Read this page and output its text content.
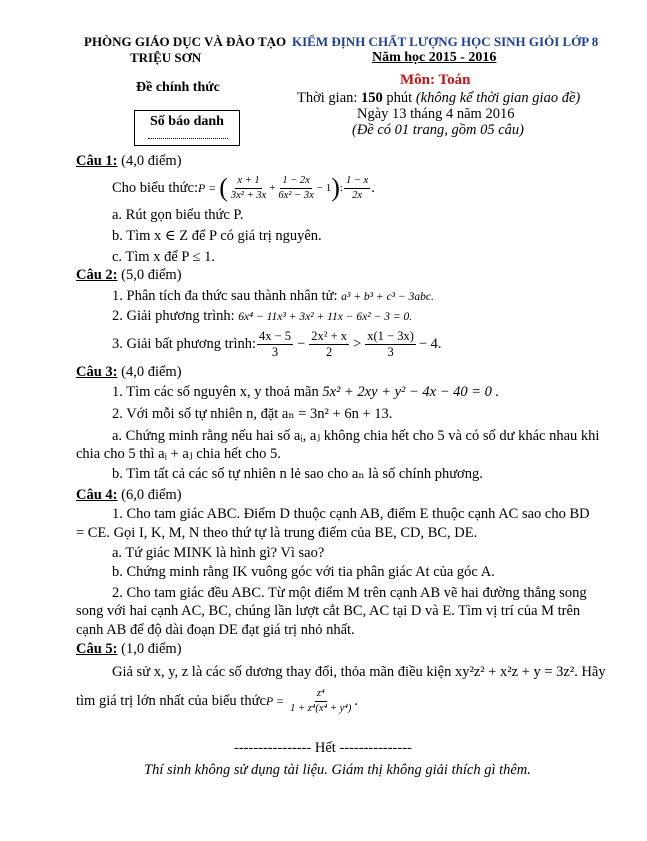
PHÒNG GIÁO DỤC VÀ ĐÀO TẠO
TRIỆU SƠN
Đề chính thức
Số báo danh
KIỂM ĐỊNH CHẤT LƯỢNG HỌC SINH GIỎI LỚP 8
Năm học 2015 - 2016
Môn: Toán
Thời gian: 150 phút (không kể thời gian giao đề)
Ngày 13 tháng 4 năm 2016
(Đề có 01 trang, gồm 05 câu)
Câu 1: (4,0 điểm)
Cho biểu thức: P = ( $\frac{x + 1}{\text{3x² + 3x}} + \frac{1 - 2x}{\text{6x² − 3x}} - 1$ ) : $\frac{1 - x}{2x}$ .
a. Rút gọn biểu thức P.
b. Tìm x ∈ Z để P có giá trị nguyên.
c. Tìm x để P ≤ 1.
Câu 2: (5,0 điểm)
1. Phân tích đa thức sau thành nhân tử: a³ + b³ + c³ − 3abc.
2. Giải phương trình: 6x⁴ − 11x³ + 3x² + 11x − 6x² − 3 = 0.
3. Giải bất phương trình: $\frac{4x - 5}{3} - \frac{\text{2x² + x}}{2} > \frac{x(1 - 3x)}{3} - 4$.
Câu 3: (4,0 điểm)
1. Tìm các số nguyên x, y thoả mãn 5x² + 2xy + y² − 4x − 40 = 0 .
2. Với mỗi số tự nhiên n, đặt aₙ = 3n² + 6n + 13.
a. Chứng minh rằng nếu hai số aᵢ, aⱼ không chia hết cho 5 và có số dư khác nhau khi
chia cho 5 thì aᵢ + aⱼ chia hết cho 5.
b. Tìm tất cả các số tự nhiên n lẻ sao cho aₙ là số chính phương.
Câu 4: (6,0 điểm)
1. Cho tam giác ABC. Điểm D thuộc cạnh AB, điểm E thuộc cạnh AC sao cho BD
= CE. Gọi I, K, M, N theo thứ tự là trung điểm của BE, CD, BC, DE.
a. Tứ giác MINK là hình gì? Vì sao?
b. Chứng minh rằng IK vuông góc với tia phân giác At của góc A.
2. Cho tam giác đều ABC. Từ một điểm M trên cạnh AB vẽ hai đường thẳng song
song với hai cạnh AC, BC, chúng lần lượt cắt BC, AC tại D và E. Tìm vị trí của M trên
cạnh AB để độ dài đoạn DE đạt giá trị nhỏ nhất.
Câu 5: (1,0 điểm)
Giả sử x, y, z là các số dương thay đổi, thỏa mãn điều kiện xy²z² + x²z + y = 3z². Hãy
tìm giá trị lớn nhất của biểu thức $P = \frac{\text{z⁴}}{\text{1 + z⁴(x⁴ + y⁴)}}$ .
---------------- Hết ---------------
Thí sinh không sử dụng tài liệu. Giám thị không giải thích gì thêm.
